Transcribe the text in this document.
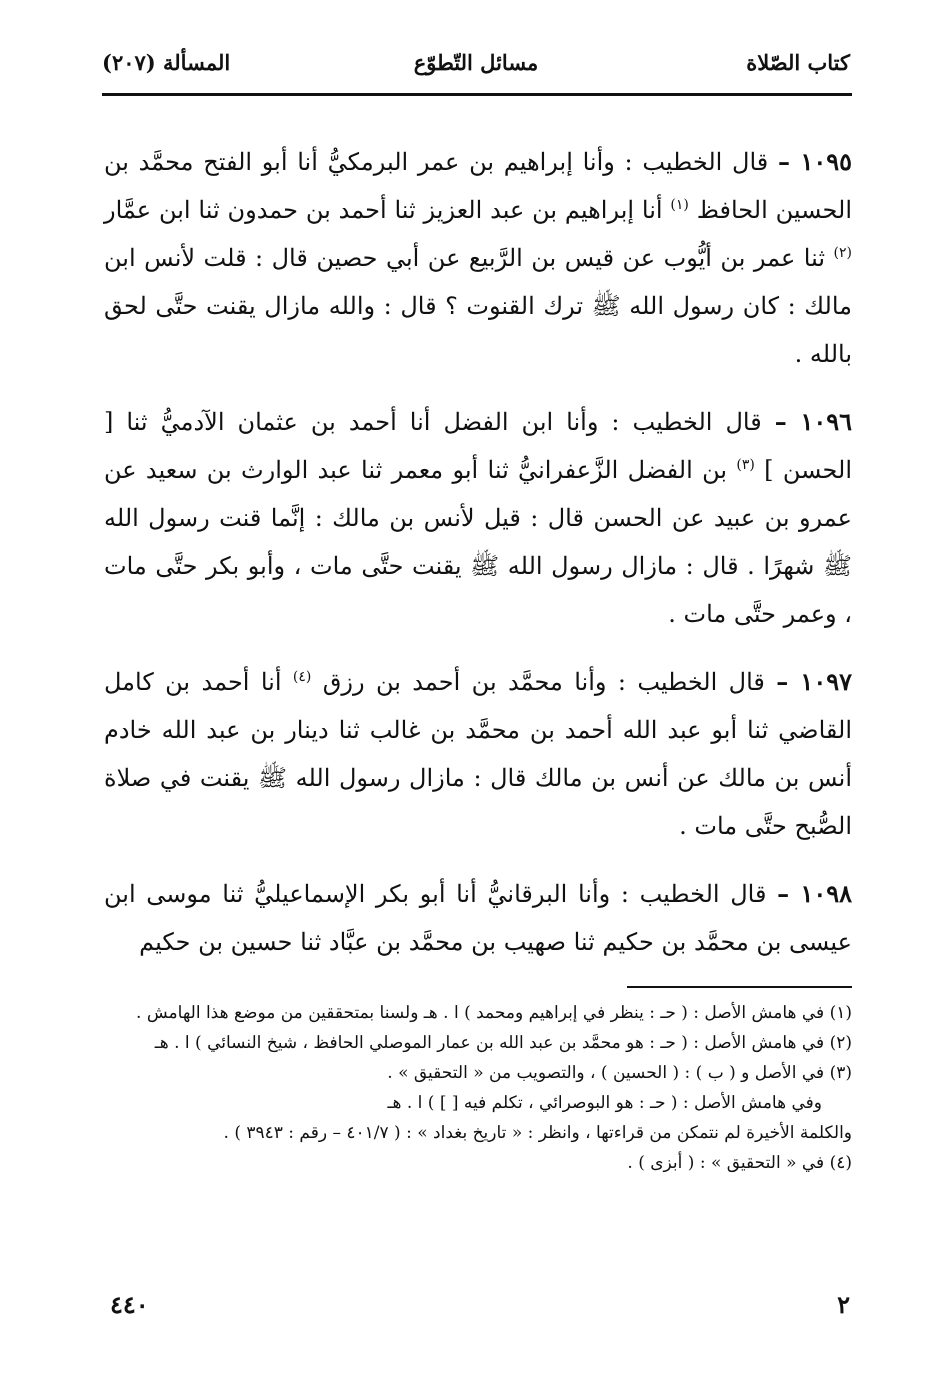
كتاب الصّلاة
مسائل التّطوّع
المسألة (٢٠٧)

١٠٩٥ – قال الخطيب : وأنا إبراهيم بن عمر البرمكيُّ أنا أبو الفتح محمَّد بن الحسين الحافظ $^{(١)}$ أنا إبراهيم بن عبد العزيز ثنا أحمد بن حمدون ثنا ابن عمَّار $^{(٢)}$ ثنا عمر بن أيُّوب عن قيس بن الرَّبيع عن أبي حصين قال : قلت لأنس ابن مالك : كان رسول الله ﷺ ترك القنوت ؟ قال : والله مازال يقنت حتَّى لحق بالله .

١٠٩٦ – قال الخطيب : وأنا ابن الفضل أنا أحمد بن عثمان الآدميُّ ثنا [ الحسن ] $^{(٣)}$ بن الفضل الزَّعفرانيُّ ثنا أبو معمر ثنا عبد الوارث بن سعيد عن عمرو بن عبيد عن الحسن قال : قيل لأنس بن مالك : إنَّما قنت رسول الله ﷺ شهرًا . قال : مازال رسول الله ﷺ يقنت حتَّى مات ، وأبو بكر حتَّى مات ، وعمر حتَّى مات .

١٠٩٧ – قال الخطيب : وأنا محمَّد بن أحمد بن رزق $^{(٤)}$ أنا أحمد بن كامل القاضي ثنا أبو عبد الله أحمد بن محمَّد بن غالب ثنا دينار بن عبد الله خادم أنس بن مالك عن أنس بن مالك قال : مازال رسول الله ﷺ يقنت في صلاة الصُّبح حتَّى مات .

١٠٩٨ – قال الخطيب : وأنا البرقانيُّ أنا أبو بكر الإسماعيليُّ ثنا موسى ابن عيسى بن محمَّد بن حكيم ثنا صهيب بن محمَّد بن عبَّاد ثنا حسين بن حكيم

(١) في هامش الأصل : ( حـ : ينظر في إبراهيم ومحمد ) ا . هـ ولسنا بمتحققين من موضع هذا الهامش .

(٢) في هامش الأصل : ( حـ : هو محمَّد بن عبد الله بن عمار الموصلي الحافظ ، شيخ النسائي ) ا . هـ

(٣) في الأصل و ( ب ) : ( الحسين ) ، والتصويب من « التحقيق » .

وفي هامش الأصل : ( حـ : هو البوصرائي ، تكلم فيه [ ] ) ا . هـ

والكلمة الأخيرة لم نتمكن من قراءتها ، وانظر : « تاريخ بغداد » : ( ٤٠١/٧ – رقم : ٣٩٤٣ ) .

(٤) في « التحقيق » : ( أبزى ) .

٢
٤٤٠
